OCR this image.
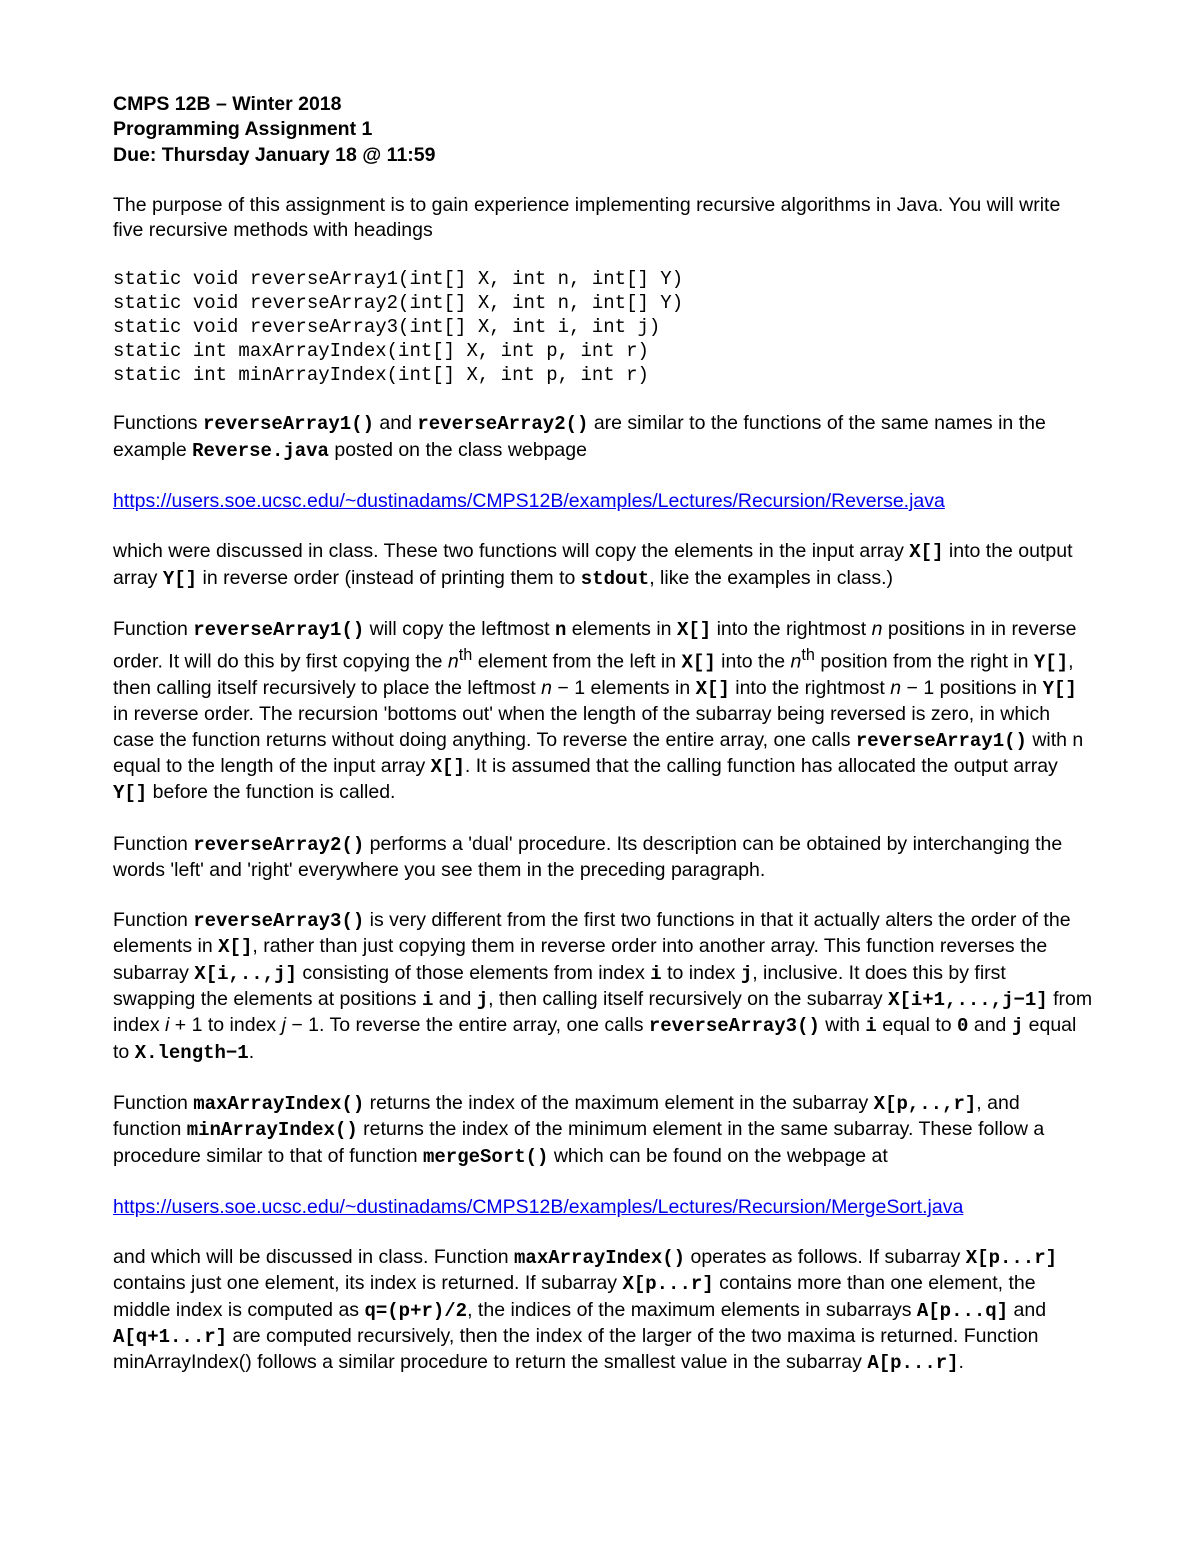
CMPS 12B – Winter 2018
Programming Assignment 1
Due: Thursday January 18 @ 11:59

The purpose of this assignment is to gain experience implementing recursive algorithms in Java. You will write five recursive methods with headings

static void reverseArray1(int[] X, int n, int[] Y)
static void reverseArray2(int[] X, int n, int[] Y)
static void reverseArray3(int[] X, int i, int j)
static int maxArrayIndex(int[] X, int p, int r)
static int minArrayIndex(int[] X, int p, int r)

Functions reverseArray1() and reverseArray2() are similar to the functions of the same names in the example Reverse.java posted on the class webpage

https://users.soe.ucsc.edu/~dustinadams/CMPS12B/examples/Lectures/Recursion/Reverse.java

which were discussed in class. These two functions will copy the elements in the input array X[] into the output array Y[] in reverse order (instead of printing them to stdout, like the examples in class.)

Function reverseArray1() will copy the leftmost n elements in X[] into the rightmost n positions in in reverse order. It will do this by first copying the $n^{th}$ element from the left in X[] into the $n^{th}$ position from the right in Y[], then calling itself recursively to place the leftmost n − 1 elements in X[] into the rightmost n − 1 positions in Y[] in reverse order. The recursion 'bottoms out' when the length of the subarray being reversed is zero, in which case the function returns without doing anything. To reverse the entire array, one calls reverseArray1() with n equal to the length of the input array X[]. It is assumed that the calling function has allocated the output array Y[] before the function is called.

Function reverseArray2() performs a 'dual' procedure. Its description can be obtained by interchanging the words 'left' and 'right' everywhere you see them in the preceding paragraph.

Function reverseArray3() is very different from the first two functions in that it actually alters the order of the elements in X[], rather than just copying them in reverse order into another array. This function reverses the subarray X[i,..,j] consisting of those elements from index i to index j, inclusive. It does this by first swapping the elements at positions i and j, then calling itself recursively on the subarray X[i+1,...,j−1] from index i + 1 to index j − 1. To reverse the entire array, one calls reverseArray3() with i equal to 0 and j equal to X.length−1.

Function maxArrayIndex() returns the index of the maximum element in the subarray X[p,..,r], and function minArrayIndex() returns the index of the minimum element in the same subarray. These follow a procedure similar to that of function mergeSort() which can be found on the webpage at

https://users.soe.ucsc.edu/~dustinadams/CMPS12B/examples/Lectures/Recursion/MergeSort.java

and which will be discussed in class. Function maxArrayIndex() operates as follows. If subarray X[p...r] contains just one element, its index is returned. If subarray X[p...r] contains more than one element, the middle index is computed as q=(p+r)/2, the indices of the maximum elements in subarrays A[p...q] and A[q+1...r] are computed recursively, then the index of the larger of the two maxima is returned. Function minArrayIndex() follows a similar procedure to return the smallest value in the subarray A[p...r].
